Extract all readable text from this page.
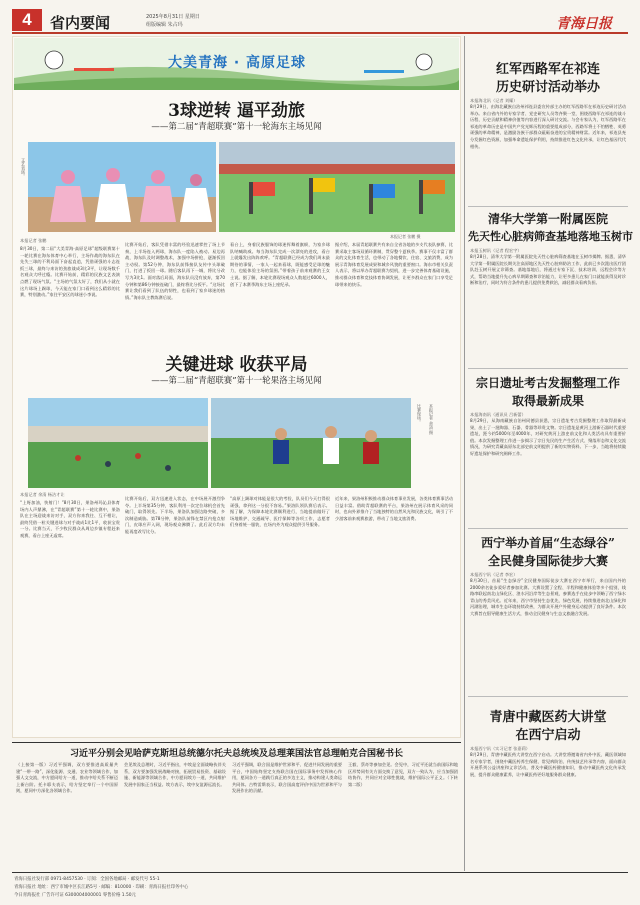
4	省内要闻	2025年8月31日 星期日
组版编辑 朱占玛	青海日报
大美青海 · 高原足球
3球逆转 逼平劲旅
——第二届“青超联赛”第十一轮海东主场见闻
文艺表演。
本报记者 张鹏 摄
本报记者 张鹏
8月30日，第二届“大美青海·高原足球”超级联赛第十一轮比赛在海东体育中心举行，主场作战的海东队在先失三球的不利局面下奋起直追，凭借顽强的斗志连扳三球，最终与来访的劲旅战成3比3平，让现场数千名观众大呼过瘾。比赛开始前，精彩的民族文艺表演点燃了现场气氛。“主场的气氛太好了，我们从小就在这片球场上踢球，今天能在家门口看到这么精彩的比赛，特别激动。”家住平安区的球迷小李说。
比赛开始后，客队凭借丰富的经验迅速掌控了场上节奏，上半场连入两球，海东队一度陷入被动。易边再战，海东队及时调整战术，加强中场拼抢，逐渐扳回主动权。第52分钟，海东队前锋接队友传中头球破门，打进了扳回一球。随后客队再下一城，将比分改写为3比1。面对落后局面，海东队员没有放弃，第70分钟和第86分钟接连破门，最终将比分扳平。“这场比赛让我们看到了队伍的韧性，也看到了家乡球迷的热情。”海东队主教练赛后说。
看台上，身着民族服饰的球迷挥舞着旗帜，为家乡球队呐喊助威。每当海东队完成一次漂亮的进攻，看台上就爆发出阵阵欢呼。“青超联赛已经成为我们周末最期待的事情，一家人一起来看球，既能感受足球的魅力，也能体验主场的氛围。”带着孩子前来观赛的王女士说。据了解，本轮比赛现场观众人数超过6000人，创下了本赛季海东主场上座纪录。
据介绍，本届青超联赛共有来自全省各地的多支代表队参赛，比赛采取主客场双循环赛制，贯穿整个夏秋季。赛事不仅丰富了群众的文化体育生活，也带动了各地餐饮、住宿、文旅消费，成为展示青海体育发展成果和城乡风貌的重要窗口。海东市相关负责人表示，将以举办青超联赛为契机，进一步完善体育基础设施，推动群众体育和竞技体育协调发展，让更多群众在家门口享受足球带来的快乐。
关键进球 收获平局
——第二届“青超联赛”第十一轮果洛主场见闻
比赛现场。	本报记者 余清 摄
本报记者 余清 杨洁才让
“上呀加油，快射门！”8月30日，果洛州玛沁县体育场内人声鼎沸，在“青超联赛”第十一轮比赛中，果洛队在主场迎战来访对手，双方你来我往、互不相让，最终凭借一粒关键进球与对手战成1比1平，收获宝贵一分。比赛当天，不少牧民群众从周边乡镇专程赶来观赛，看台上座无虚席。
比赛开始后，双方迅速进入状态，在中场展开激烈争夺。上半场第35分钟，客队利用一次定位球机会首先破门，取得领先。下半场，果洛队加强边路突破，多次制造威胁。第78分钟，果洛队前锋在禁区内抢点射门，皮球应声入网，现场观众沸腾了。此后双方均未能再度改写比分。
“高原上踢球对体能是很大的考验，队员们今天打得很顽强，拿到这一分很不容易。”果洛队领队赛后表示。据了解，为保障本轮比赛顺利进行，当地提前做好了场地维护、交通疏导、医疗保障等各项工作，志愿者们身着统一服装，在场内外为观众提供引导服务。
近年来，果洛州积极推动群众体育事业发展，各类体育赛事活动日益丰富。借助青超联赛的平台，果洛州在展示体育风采的同时，也向外界推介了当地独特的自然风光和民族文化，吸引了不少游客前来观赛旅游，带动了当地文旅消费。
习近平分别会见哈萨克斯坦总统德尔托夫总统埃及总理莱国法官总理帕克合国秘书长
（上接第一版）习近平强调，双方要推进高质量共建“一带一路”，深化能源、交通、农业等领域合作，加强人文交流，中方愿同哈方一道，推动中哈关系不断迈上新台阶。托卡耶夫表示，哈方坚定奉行一个中国原则，愿同中方深化各领域合作。
会见埃及总理时，习近平指出，中埃是全面战略伙伴关系，双方要加强发展战略对接，拓展贸易投资、基础设施、新能源等领域合作，中方愿同埃方一道，共同维护发展中国家正当权益。埃方表示，埃中友谊源远流长。
习近平强调，联合国是维护世界和平、促进共同发展的重要平台，中国始终坚定支持联合国在国际事务中发挥核心作用，愿同各方一道践行真正的多边主义，推动构建人类命运共同体。古特雷斯表示，联合国高度评价中国为世界和平与发展作出的贡献。
王毅、蔡奇等参加会见。会见中，习近平还就当前国际和地区形势同有关方面交换了意见，双方一致认为，应当加强团结协作，共同应对全球性挑战，维护国际公平正义。（下转第二版）
红军西路军在祁连
历史研讨活动举办
本报海北讯（记者 刘耀）
8月29日，由海北藏族自治州祁连县委宣传部主办的红军西路军在祁连历史研讨活动举办。来自省内外的专家学者、党史研究人员等齐聚一堂，围绕西路军在祁连的战斗历程、历史贡献和精神价值等内容进行深入研讨交流。与会专家认为，红军西路军在祁连的革命历史是中国共产党光辉历程的重要组成部分，西路军将士不怕牺牲、英勇顽强的革命精神，是激励各族干部群众砥砺奋进的宝贵精神财富。近年来，祁连县充分发掘红色资源，加强革命遗址保护利用，持续推进红色文化传承，让红色基因代代相传。
清华大学第一附属医院
先天性心脏病筛查基地落地玉树市
本报玉树讯（记者 程宏宇）
8月28日，清华大学第一附属医院先天性心脏病筛查基地在玉树市揭牌。据悉，清华大学第一附属医院长期关注高原地区先天性心脏病防治工作，此前已多次派出医疗团队赴玉树开展义诊筛查。基地落地后，将通过专家下沉、技术培训、远程会诊等方式，帮助当地提升先心病早期筛查和诊治能力，让更多患儿在家门口就能获得及时诊断和治疗，同时为符合条件的患儿提供免费救治，减轻群众看病负担。
宗日遗址考古发掘整理工作
取得最新成果
本报海南讯（通讯员 吕新蕾）
8月29日，从海南藏族自治州同德县获悉，宗日遗址考古发掘整理工作取得最新成果，出土了一批陶器、石器、骨器等珍贵文物。宗日遗址是黄河上游新石器时代重要遗址，距今约5000年至4000年，对研究黄河上游史前文化和人类活动具有重要价值。本次发掘整理工作进一步揭示了宗日先民的生产生活方式、聚落形态和文化交流情况，为研究青藏高原东北部史前文明提供了新的实物资料。下一步，当地将持续做好遗址保护和研究阐释工作。
西宁举办首届“生态绿谷”
全民健身国际徒步大赛
本报西宁讯（记者 李宏）
8月30日，首届“生态绿谷”全民健身国际徒步大赛在西宁市举行，来自国内外的2000余名徒步爱好者参加比赛。大赛设置了全程、半程和健康体验等多个组别，线路串联起南北山绿化区、湟水河沿岸等生态景观，参赛选手在徒步中领略了西宁绿水青山的秀美风光。近年来，西宁市坚持生态优先、绿色发展，持续推进南北山绿化和河湖治理，城市生态环境持续改善，为群众开展户外健身运动提供了良好条件。本次大赛旨在倡导健康生活方式，推动全民健身与生态文旅融合发展。
青唐中藏医药大讲堂
在西宁启动
本报西宁讯（实习记者 张嘉莉）
8月29日，青唐中藏医药大讲堂在西宁启动。大讲堂将邀请省内外中医、藏医领域知名专家学者，围绕中藏医药养生保健、常见病防治、传统技艺传承等内容，面向群众开展系列公益讲座和义诊活动，普及中藏医药健康知识，推动中藏医药文化传承发展，提升群众健康素养，让中藏医药更好地服务群众健康。
青海日报社发行部 0971-8457530 · 订阅：全国各地邮局 · 邮发代号 55-1
青海日报社 地址：西宁市城中区长江路5号 · 邮编：810000 · 印刷：青海日报社印务中心
今日青海报社 广告许可证 6300004000001 零售价格 1.50元
